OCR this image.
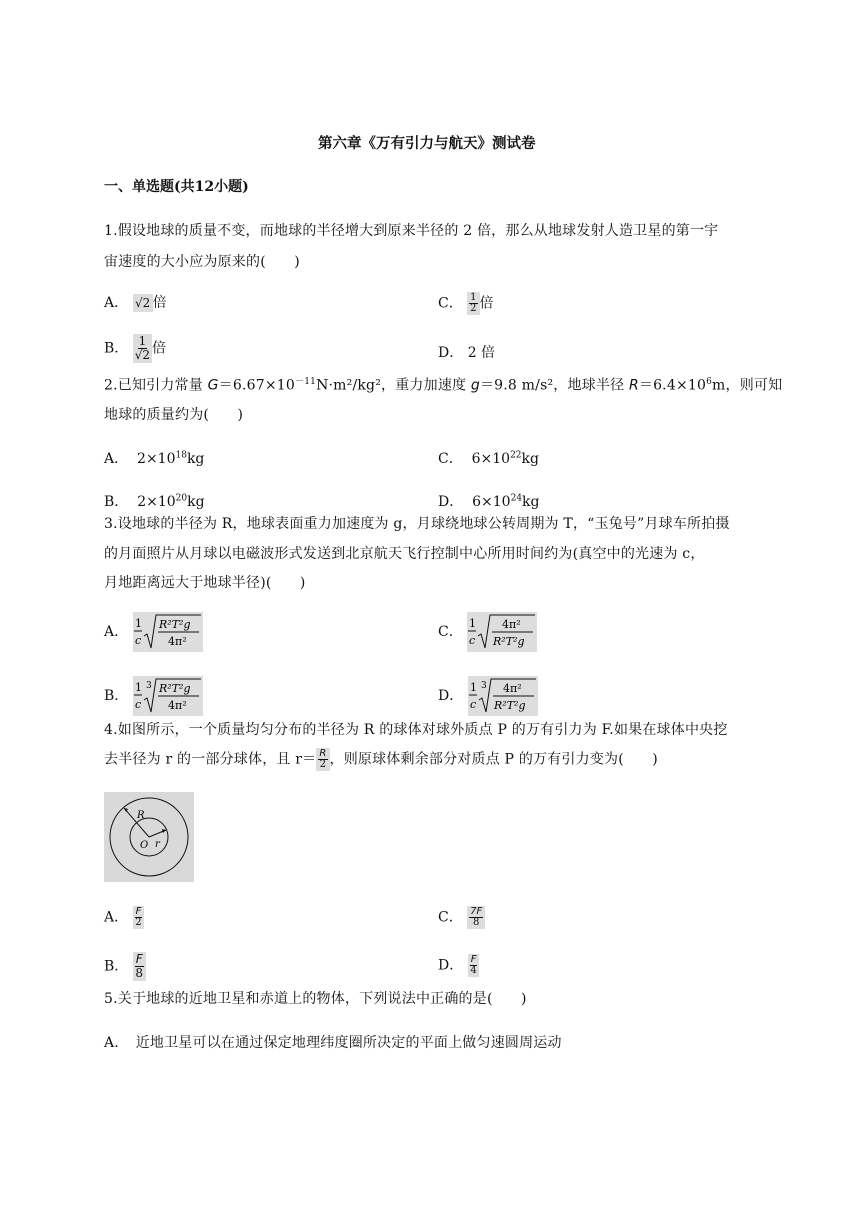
第六章《万有引力与航天》测试卷
一、单选题(共12小题)
1.假设地球的质量不变，而地球的半径增大到原来半径的 2 倍，那么从地球发射人造卫星的第一宇
宙速度的大小应为原来的(　　)
A． √2 倍	C． $\frac{1}{2}$ 倍
B． $\frac{1}{√2}$ 倍	D． 2 倍
2.已知引力常量 $G=6.67\times 10^{-11}N\cdot m^2$/kg²，重力加速度 g＝9.8 m/s²，地球半径 $R=6.4\times 10^6m$，则可知
地球的质量约为(　　)
A． $2\times 10^{18}kg$	C． $6\times 10^{22}kg$
B． $2\times 10^{20}kg$	D． $6\times 10^{24}kg$
3.设地球的半径为 R，地球表面重力加速度为 g，月球绕地球公转周期为 T，“玉兔号”月球车所拍摄
的月面照片从月球以电磁波形式发送到北京航天飞行控制中心所用时间约为(真空中的光速为 c，
月地距离远大于地球半径)(　　)
A．
1
c
R²T²g
4π²
C．
1
c
4π²
R²T²g
B．
1
c
3 R²T²g
4π²
D．
1
c
3 4π²
R²T²g
4.如图所示，一个质量均匀分布的半径为 R 的球体对球外质点 P 的万有引力为 F.如果在球体中央挖
去半径为 r 的一部分球体，且 $r= \frac{R}{2}$ ，则原球体剩余部分对质点 P 的万有引力变为(　　)
R
O r
A． $\frac{F}{2}$	C． $\frac{7F}{8}$
B． $\frac{F}{8}$	D． $\frac{F}{4}$
5.关于地球的近地卫星和赤道上的物体，下列说法中正确的是(　　)
A．　近地卫星可以在通过保定地理纬度圈所决定的平面上做匀速圆周运动
